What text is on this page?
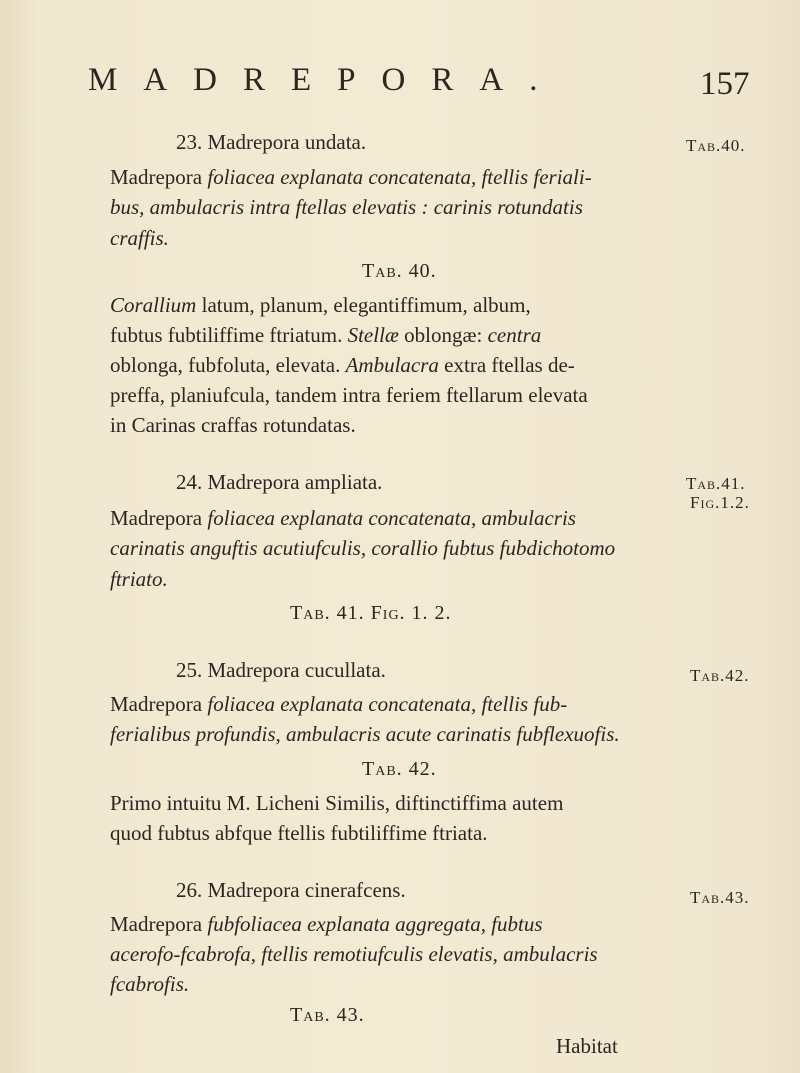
MADREPORA.	157
23. Madrepora undata.	Tab.40.
Madrepora foliacea explanata concatenata, ftellis feriali-
bus, ambulacris intra ftellas elevatis : carinis rotundatis
craffis.
Tab. 40.
Corallium latum, planum, elegantiffimum, album,
fubtus fubtiliffime ftriatum. Stellæ oblongæ: centra
oblonga, fubfoluta, elevata. Ambulacra extra ftellas de-
preffa, planiufcula, tandem intra feriem ftellarum elevata
in Carinas craffas rotundatas.
24. Madrepora ampliata.	Tab.41.
Fig.1.2.
Madrepora foliacea explanata concatenata, ambulacris
carinatis anguftis acutiufculis, corallio fubtus fubdichotomo
ftriato.
Tab. 41. Fig. 1. 2.
25. Madrepora cucullata.	Tab.42.
Madrepora foliacea explanata concatenata, ftellis fub-
ferialibus profundis, ambulacris acute carinatis fubflexuofis.
Tab. 42.
Primo intuitu M. Licheni Similis, diftinctiffima autem
quod fubtus abfque ftellis fubtiliffime ftriata.
26. Madrepora cinerafcens.	Tab.43.
Madrepora fubfoliacea explanata aggregata, fubtus
acerofo-fcabrofa, ftellis remotiufculis elevatis, ambulacris
fcabrofis.
Tab. 43.
Habitat
